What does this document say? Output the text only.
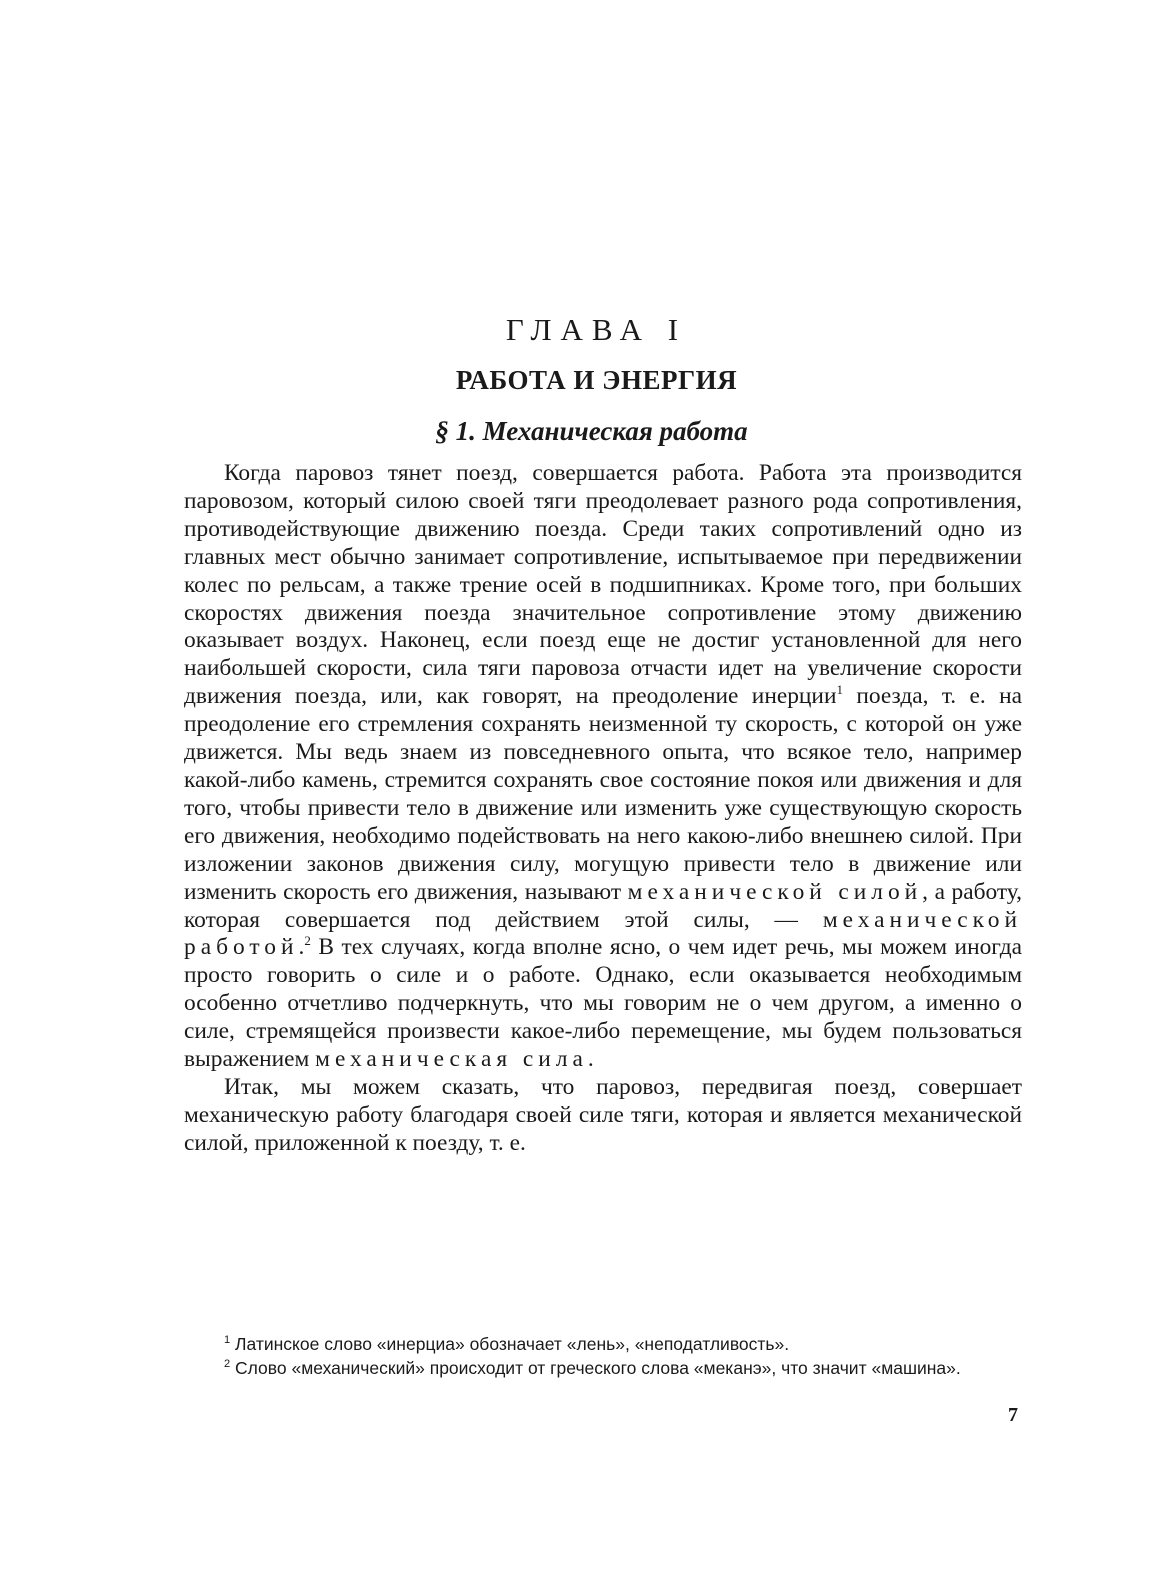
ГЛАВА I
РАБОТА И ЭНЕРГИЯ
§ 1. Механическая работа

Когда паровоз тянет поезд, совершается работа. Работа эта производится паровозом, который силою своей тяги преодолевает разного рода сопротивления, противодействующие движению поезда. Среди таких сопротивлений одно из главных мест обычно занимает сопротивление, испытываемое при передвижении колес по рельсам, а также трение осей в подшипниках. Кроме того, при больших скоростях движения поезда значительное сопротивление этому движению оказывает воздух. Наконец, если поезд еще не достиг установленной для него наибольшей скорости, сила тяги паровоза отчасти идет на увеличение скорости движения поезда, или, как говорят, на преодоление инерции$^1$ поезда, т. е. на преодоление его стремления сохранять неизменной ту скорость, с которой он уже движется. Мы ведь знаем из повседневного опыта, что всякое тело, например какой-либо камень, стремится сохранять свое состояние покоя или движения и для того, чтобы привести тело в движение или изменить уже существующую скорость его движения, необходимо подействовать на него какою-либо внешнею силой. При изложении законов движения силу, могущую привести тело в движение или изменить скорость его движения, называют механической силой, а работу, которая совершается под действием этой силы, — механической работой.$^2$ В тех случаях, когда вполне ясно, о чем идет речь, мы можем иногда просто говорить о силе и о работе. Однако, если оказывается необходимым особенно отчетливо подчеркнуть, что мы говорим не о чем другом, а именно о силе, стремящейся произвести какое-либо перемещение, мы будем пользоваться выражением механическая сила.

Итак, мы можем сказать, что паровоз, передвигая поезд, совершает механическую работу благодаря своей силе тяги, которая и является механической силой, приложенной к поезду, т. е.

$^1$ Латинское слово «инерциа» обозначает «лень», «неподатливость».

$^2$ Слово «механический» происходит от греческого слова «меканэ», что значит «машина».

7
